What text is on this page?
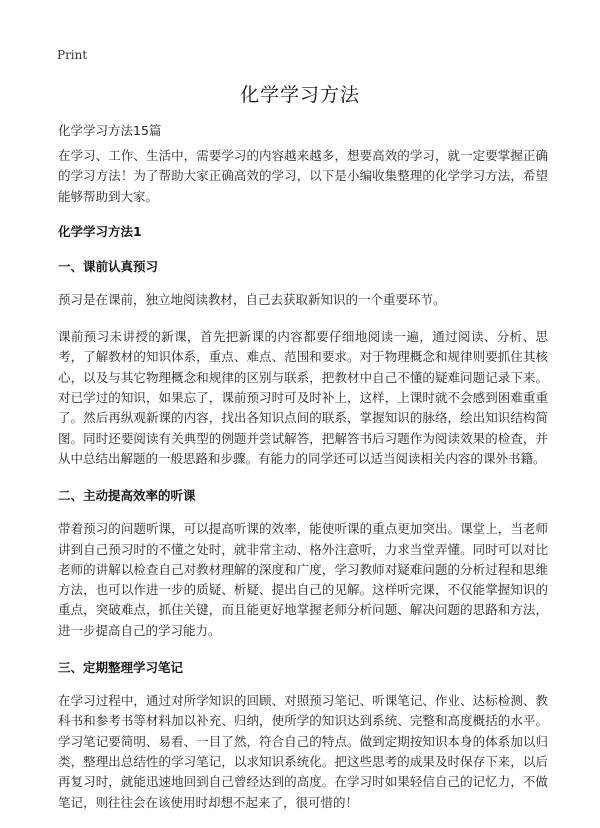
Print
化学学习方法
化学学习方法15篇

在学习、工作、生活中，需要学习的内容越来越多，想要高效的学习，就一定要掌握正确的学习方法！为了帮助大家正确高效的学习，以下是小编收集整理的化学学习方法，希望能够帮助到大家。

化学学习方法1
一、课前认真预习

预习是在课前，独立地阅读教材，自己去获取新知识的一个重要环节。

课前预习未讲授的新课，首先把新课的内容都要仔细地阅读一遍，通过阅读、分析、思考，了解教材的知识体系，重点、难点、范围和要求。对于物理概念和规律则要抓住其核心，以及与其它物理概念和规律的区别与联系，把教材中自己不懂的疑难问题记录下来。对已学过的知识，如果忘了，课前预习时可及时补上，这样，上课时就不会感到困难重重了。然后再纵观新课的内容，找出各知识点间的联系，掌握知识的脉络，绘出知识结构简图。同时还要阅读有关典型的例题并尝试解答，把解答书后习题作为阅读效果的检查，并从中总结出解题的一般思路和步骤。有能力的同学还可以适当阅读相关内容的课外书籍。

二、主动提高效率的听课

带着预习的问题听课，可以提高听课的效率，能使听课的重点更加突出。课堂上，当老师讲到自己预习时的不懂之处时，就非常主动、格外注意听，力求当堂弄懂。同时可以对比老师的讲解以检查自己对教材理解的深度和广度，学习教师对疑难问题的分析过程和思维方法，也可以作进一步的质疑、析疑、提出自己的见解。这样听完课，不仅能掌握知识的重点，突破难点，抓住关键，而且能更好地掌握老师分析问题、解决问题的思路和方法，进一步提高自己的学习能力。

三、定期整理学习笔记

在学习过程中，通过对所学知识的回顾、对照预习笔记、听课笔记、作业、达标检测、教科书和参考书等材料加以补充、归纳，使所学的知识达到系统、完整和高度概括的水平。学习笔记要简明、易看、一目了然，符合自己的特点。做到定期按知识本身的体系加以归类，整理出总结性的学习笔记，以求知识系统化。把这些思考的成果及时保存下来，以后再复习时，就能迅速地回到自己曾经达到的高度。在学习时如果轻信自己的记忆力，不做笔记，则往往会在该使用时却想不起来了，很可惜的！
